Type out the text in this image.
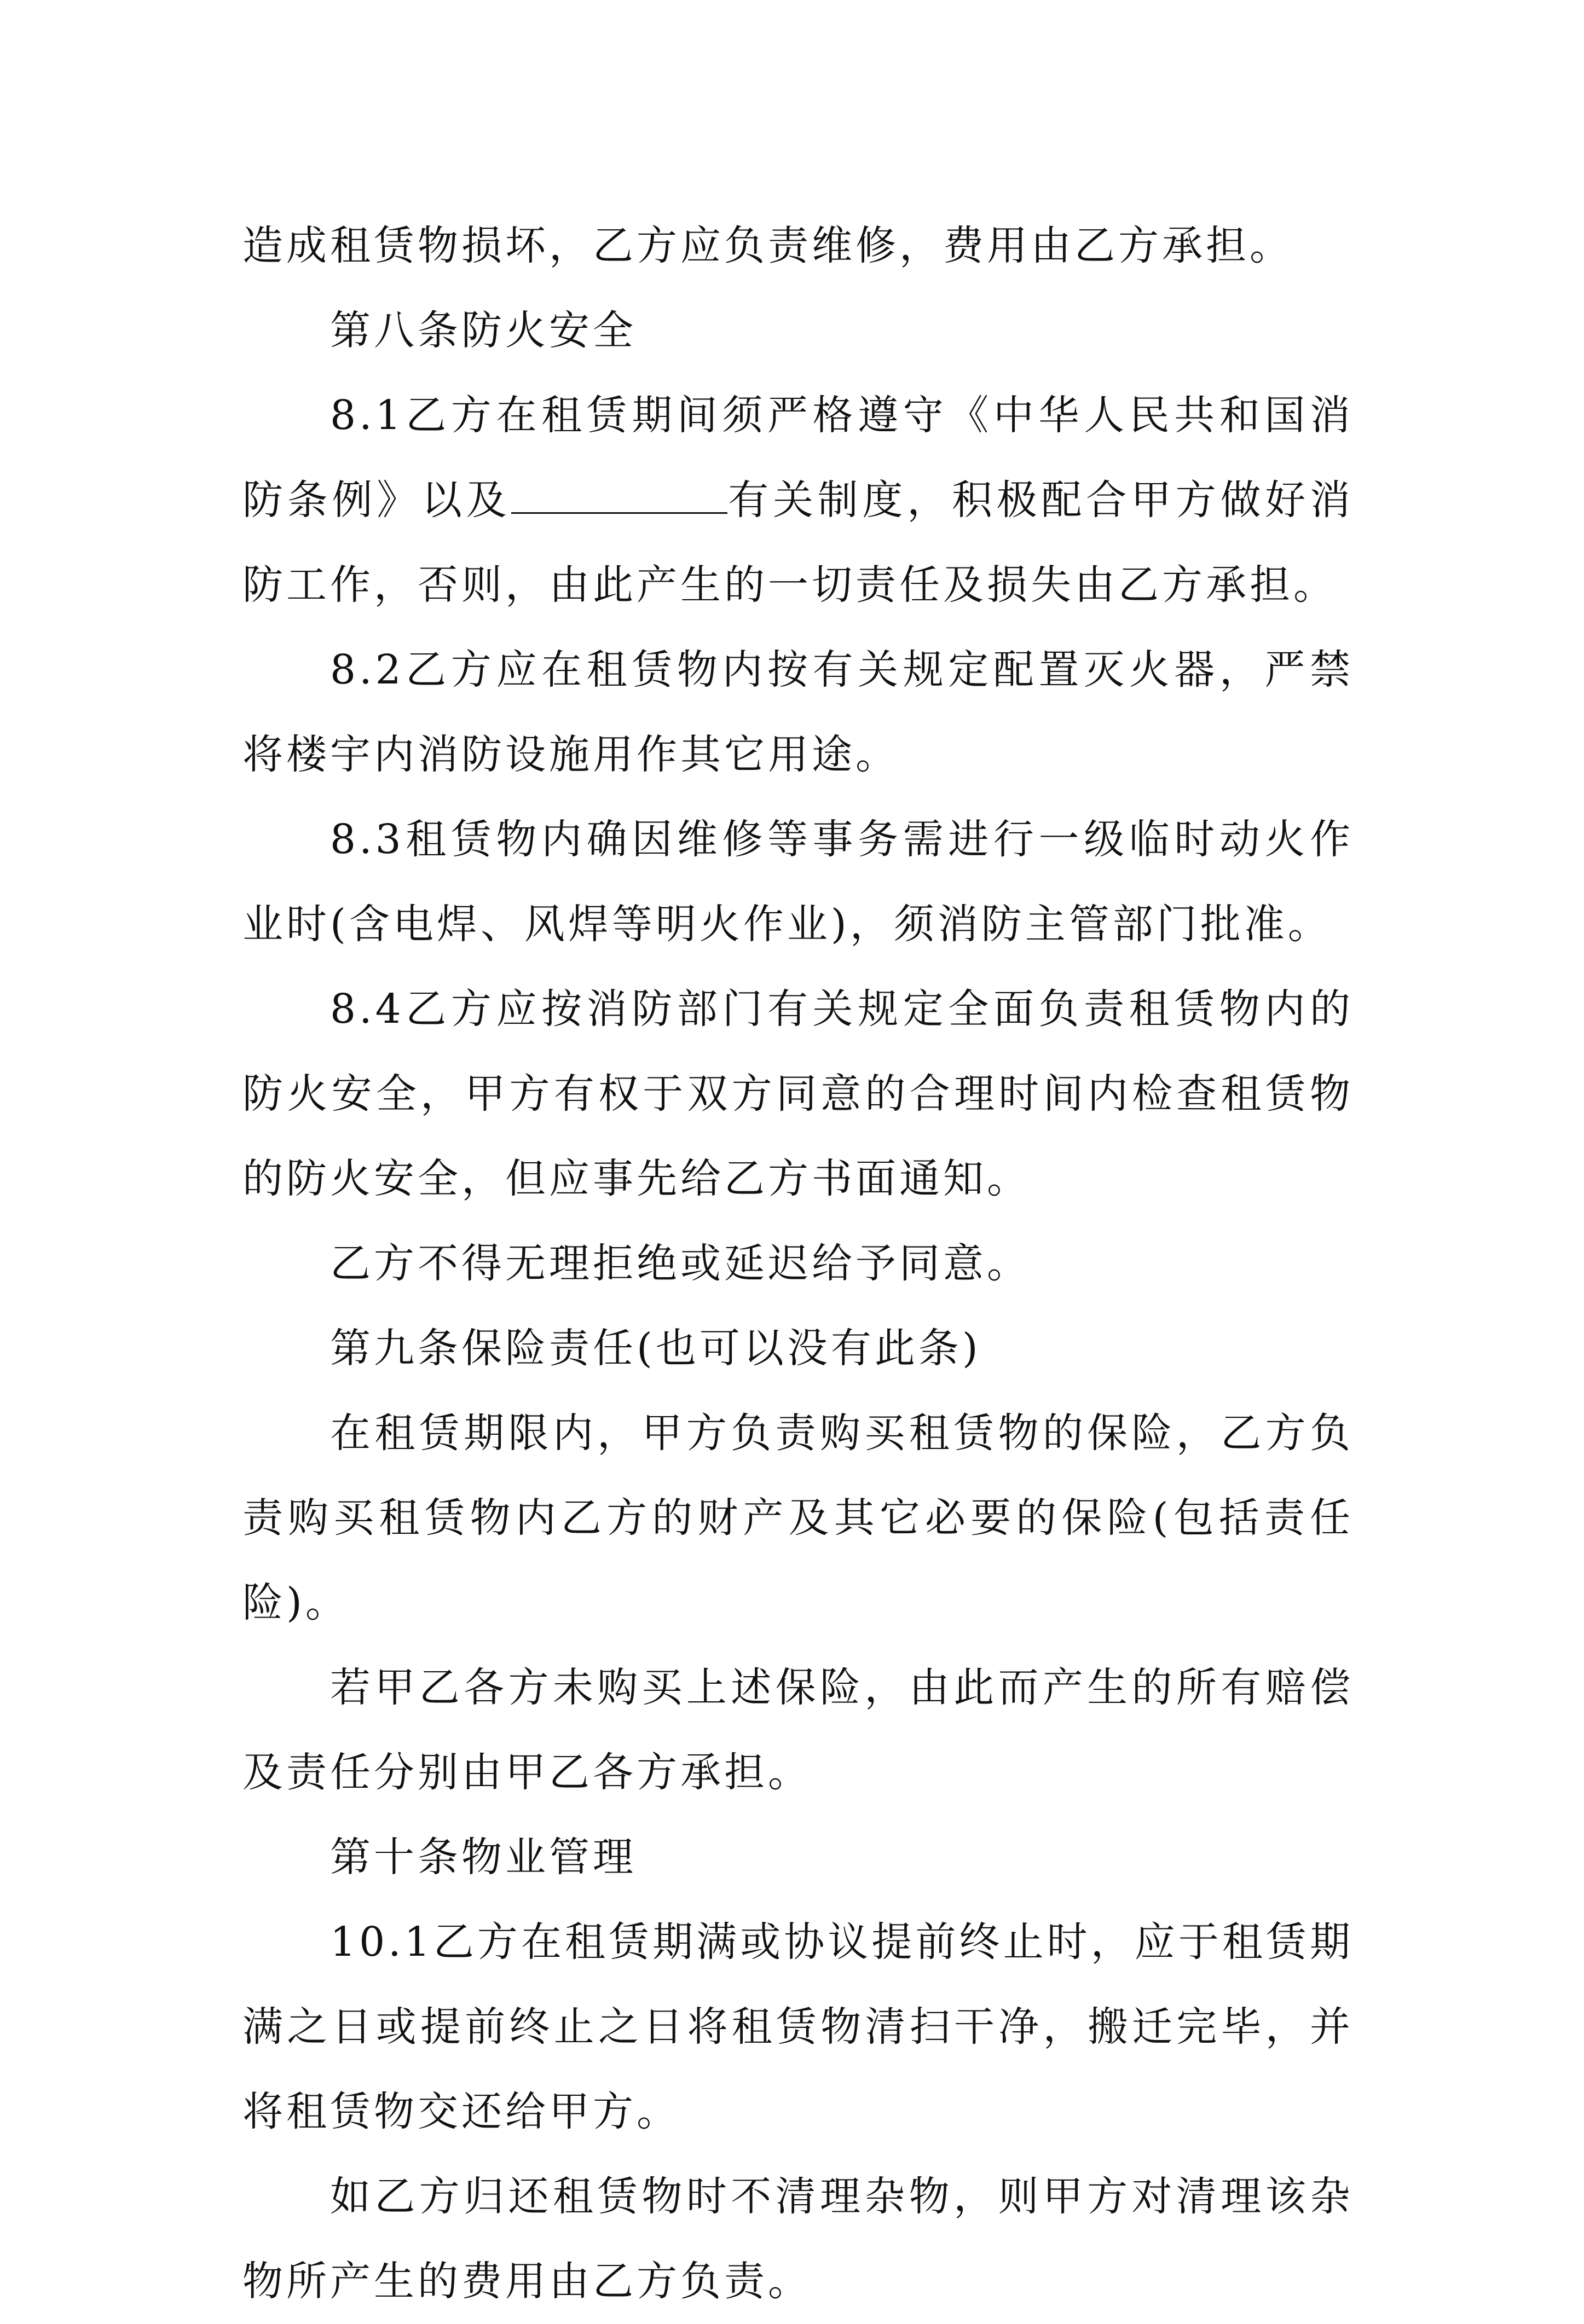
造成租赁物损坏，乙方应负责维修，费用由乙方承担。

第八条防火安全

8.1乙方在租赁期间须严格遵守《中华人民共和国消防条例》以及	有关制度，积极配合甲方做好消防工作，否则，由此产生的一切责任及损失由乙方承担。

8.2乙方应在租赁物内按有关规定配置灭火器，严禁将楼宇内消防设施用作其它用途。

8.3租赁物内确因维修等事务需进行一级临时动火作业时(含电焊、风焊等明火作业)，须消防主管部门批准。

8.4乙方应按消防部门有关规定全面负责租赁物内的防火安全，甲方有权于双方同意的合理时间内检查租赁物的防火安全，但应事先给乙方书面通知。

乙方不得无理拒绝或延迟给予同意。

第九条保险责任(也可以没有此条)

在租赁期限内，甲方负责购买租赁物的保险，乙方负责购买租赁物内乙方的财产及其它必要的保险(包括责任险)。

若甲乙各方未购买上述保险，由此而产生的所有赔偿及责任分别由甲乙各方承担。

第十条物业管理

10.1乙方在租赁期满或协议提前终止时，应于租赁期满之日或提前终止之日将租赁物清扫干净，搬迁完毕，并将租赁物交还给甲方。

如乙方归还租赁物时不清理杂物，则甲方对清理该杂物所产生的费用由乙方负责。
